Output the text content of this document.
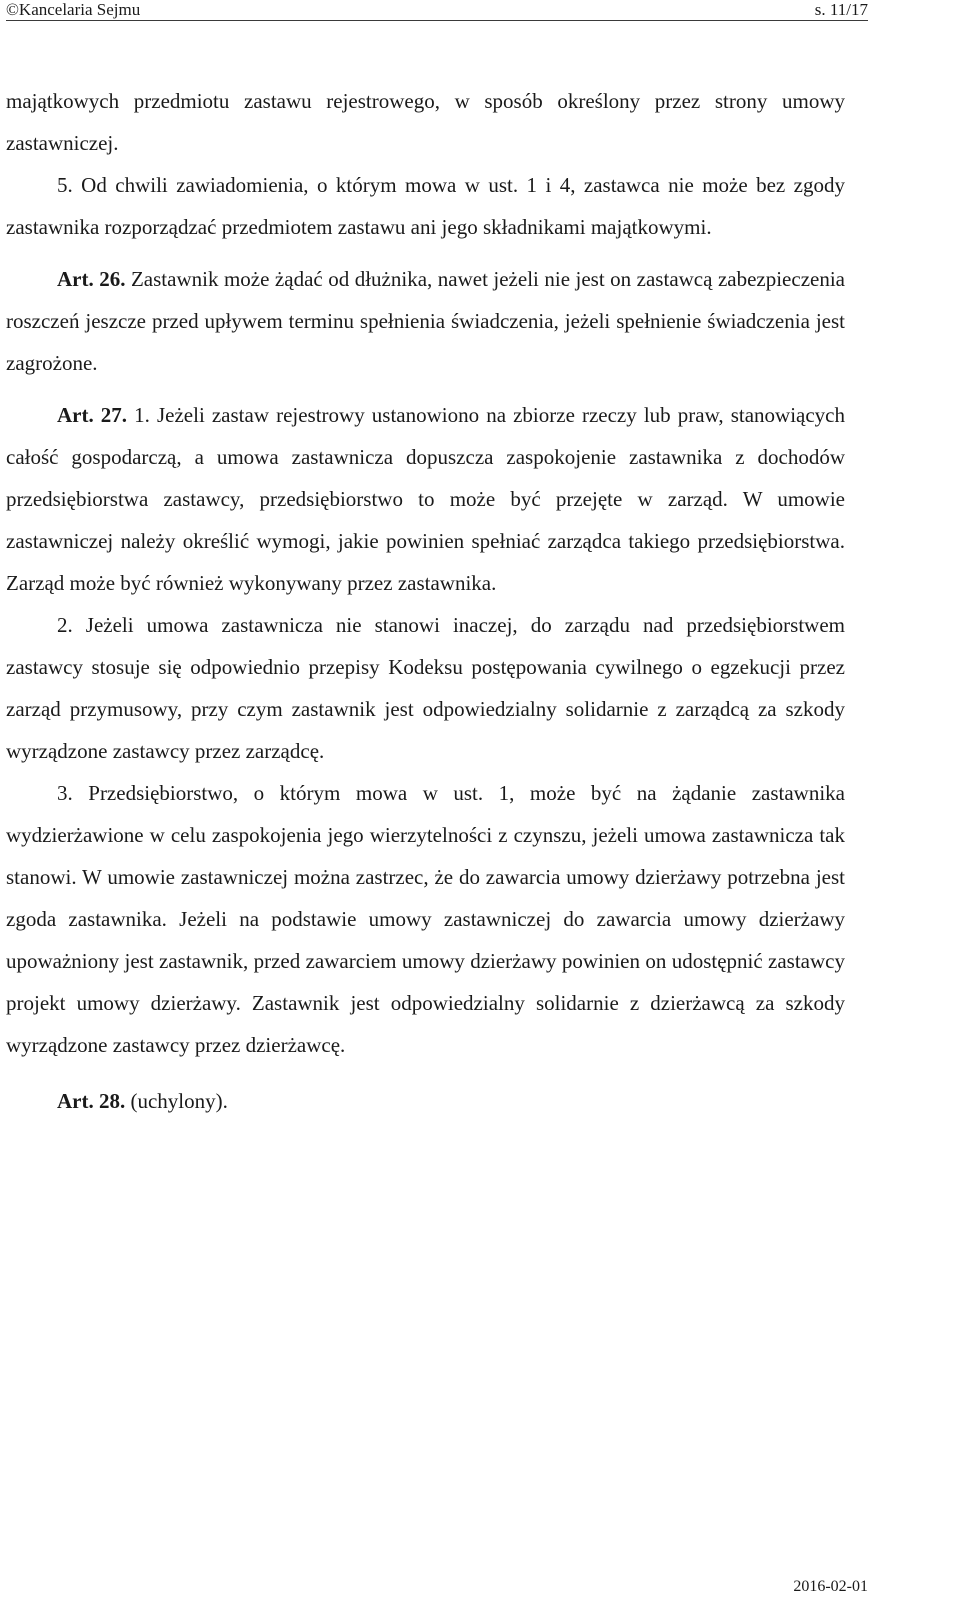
©Kancelaria Sejmu	s. 11/17

majątkowych przedmiotu zastawu rejestrowego, w sposób określony przez strony umowy zastawniczej.

5. Od chwili zawiadomienia, o którym mowa w ust. 1 i 4, zastawca nie może bez zgody zastawnika rozporządzać przedmiotem zastawu ani jego składnikami majątkowymi.

Art. 26. Zastawnik może żądać od dłużnika, nawet jeżeli nie jest on zastawcą zabezpieczenia roszczeń jeszcze przed upływem terminu spełnienia świadczenia, jeżeli spełnienie świadczenia jest zagrożone.

Art. 27. 1. Jeżeli zastaw rejestrowy ustanowiono na zbiorze rzeczy lub praw, stanowiących całość gospodarczą, a umowa zastawnicza dopuszcza zaspokojenie zastawnika z dochodów przedsiębiorstwa zastawcy, przedsiębiorstwo to może być przejęte w zarząd. W umowie zastawniczej należy określić wymogi, jakie powinien spełniać zarządca takiego przedsiębiorstwa. Zarząd może być również wykonywany przez zastawnika.

2. Jeżeli umowa zastawnicza nie stanowi inaczej, do zarządu nad przedsiębiorstwem zastawcy stosuje się odpowiednio przepisy Kodeksu postępowania cywilnego o egzekucji przez zarząd przymusowy, przy czym zastawnik jest odpowiedzialny solidarnie z zarządcą za szkody wyrządzone zastawcy przez zarządcę.

3. Przedsiębiorstwo, o którym mowa w ust. 1, może być na żądanie zastawnika wydzierżawione w celu zaspokojenia jego wierzytelności z czynszu, jeżeli umowa zastawnicza tak stanowi. W umowie zastawniczej można zastrzec, że do zawarcia umowy dzierżawy potrzebna jest zgoda zastawnika. Jeżeli na podstawie umowy zastawniczej do zawarcia umowy dzierżawy upoważniony jest zastawnik, przed zawarciem umowy dzierżawy powinien on udostępnić zastawcy projekt umowy dzierżawy. Zastawnik jest odpowiedzialny solidarnie z dzierżawcą za szkody wyrządzone zastawcy przez dzierżawcę.

Art. 28. (uchylony).

2016-02-01
